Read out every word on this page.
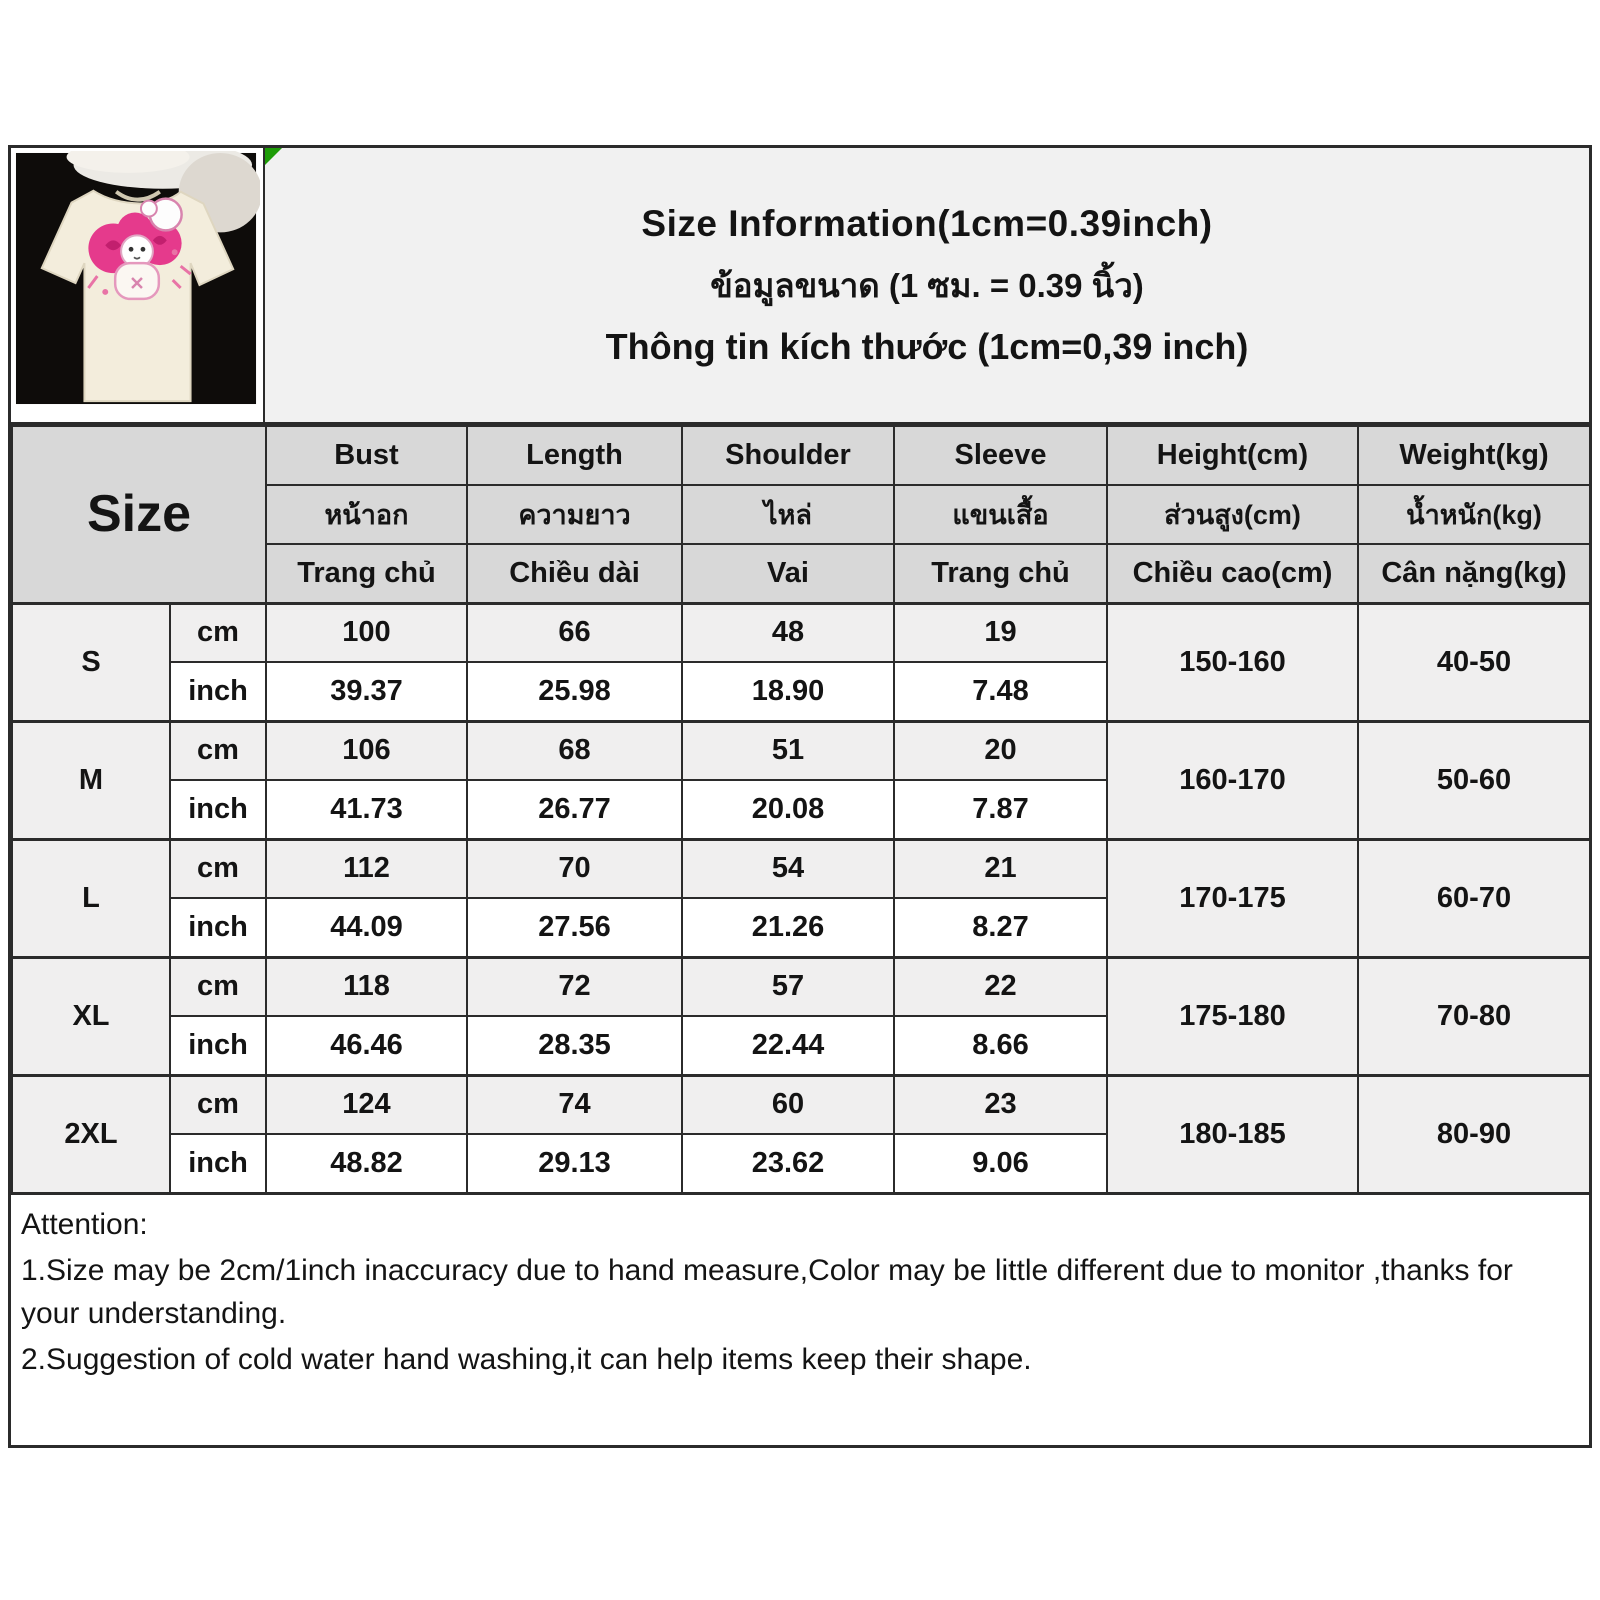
Size Information(1cm=0.39inch)
ข้อมูลขนาด (1 ซม. = 0.39 นิ้ว)
Thông tin kích thước (1cm=0,39 inch)
Size		Bust	Length	Shoulder	Sleeve	Height(cm)	Weight(kg)
		หน้าอก	ความยาว	ไหล่	แขนเสื้อ	ส่วนสูง(cm)	น้ำหนัก(kg)
		Trang chủ	Chiều dài	Vai	Trang chủ	Chiều cao(cm)	Cân nặng(kg)
S	cm	100	66	48	19	150-160	40-50
	inch	39.37	25.98	18.90	7.48		
M	cm	106	68	51	20	160-170	50-60
	inch	41.73	26.77	20.08	7.87		
L	cm	112	70	54	21	170-175	60-70
	inch	44.09	27.56	21.26	8.27		
XL	cm	118	72	57	22	175-180	70-80
	inch	46.46	28.35	22.44	8.66		
2XL	cm	124	74	60	23	180-185	80-90
	inch	48.82	29.13	23.62	9.06		
Attention:
1.Size may be 2cm/1inch inaccuracy due to hand measure,Color may be little different due to monitor ,thanks for your understanding.
2.Suggestion of cold water hand washing,it can help items keep their shape.
